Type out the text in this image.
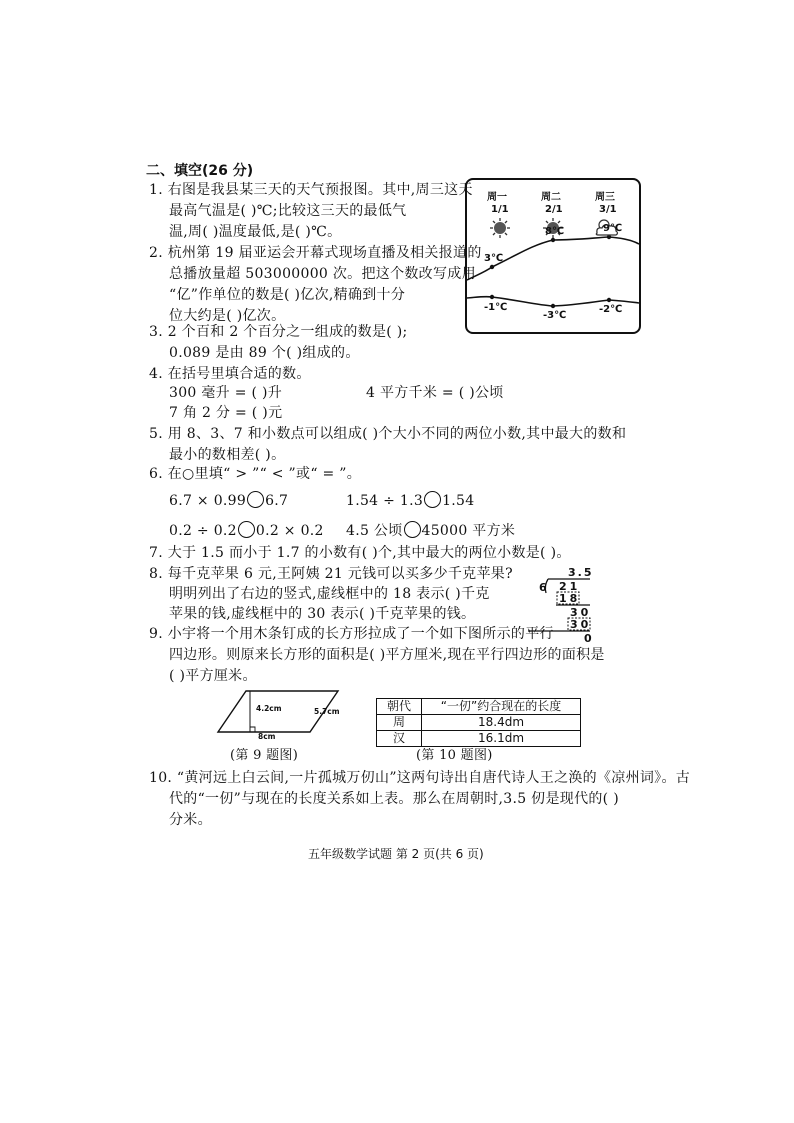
二、填空(26 分)
1. 右图是我县某三天的天气预报图。其中,周三这天
最高气温是( )℃;比较这三天的最低气
温,周( )温度最低,是( )℃。
2. 杭州第 19 届亚运会开幕式现场直播及相关报道的
总播放量超 503000000 次。把这个数改写成用
“亿”作单位的数是( )亿次,精确到十分
位大约是( )亿次。
周一	周二	周三
1/1	2/1	3/1
3℃
8℃	9℃
-1℃
-3℃
-2℃
3. 2 个百和 2 个百分之一组成的数是( );
0.089 是由 89 个( )组成的。
4. 在括号里填合适的数。
300 毫升 = ( )升	4 平方千米 = ( )公顷
7 角 2 分 = ( )元
5. 用 8、3、7 和小数点可以组成( )个大小不同的两位小数,其中最大的数和
最小的数相差( )。
6. 在○里填“ > ”“ < ”或“ = ”。
6.7 × 0.99 6.7	1.54 ÷ 1.3 1.54
0.2 ÷ 0.2 0.2 × 0.2 4.5 公顷 45000 平方米
7. 大于 1.5 而小于 1.7 的小数有( )个,其中最大的两位小数是( )。
8. 每千克苹果 6 元,王阿姨 21 元钱可以买多少千克苹果?
明明列出了右边的竖式,虚线框中的 18 表示( )千克
苹果的钱,虚线框中的 30 表示( )千克苹果的钱。
3.5
6 21
18
30
30
0
9. 小宇将一个用木条钉成的长方形拉成了一个如下图所示的平行
四边形。则原来长方形的面积是( )平方厘米,现在平行四边形的面积是
( )平方厘米。
4.2cm	5.7cm
8cm
(第 9 题图)
朝代	“一仞”约合现在的长度
周	18.4dm
汉	16.1dm
(第 10 题图)
10. “黄河远上白云间,一片孤城万仞山”这两句诗出自唐代诗人王之涣的《凉州词》。古
代的“一仞”与现在的长度关系如上表。那么在周朝时,3.5 仞是现代的( )
分米。
五年级数学试题 第 2 页(共 6 页)
